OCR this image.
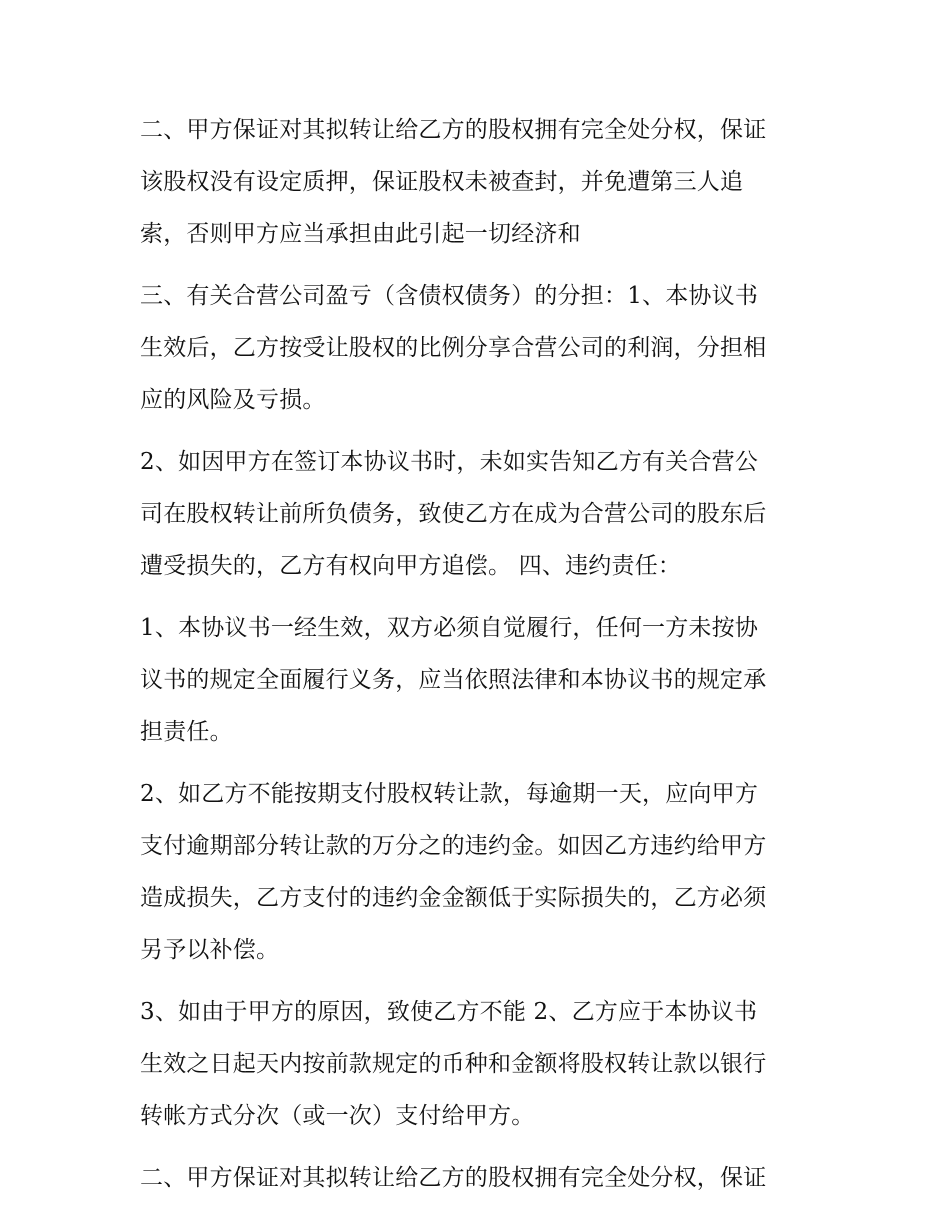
二、甲方保证对其拟转让给乙方的股权拥有完全处分权，保证
该股权没有设定质押，保证股权未被查封，并免遭第三人追
索，否则甲方应当承担由此引起一切经济和
三、有关合营公司盈亏（含债权债务）的分担：1、本协议书
生效后，乙方按受让股权的比例分享合营公司的利润，分担相
应的风险及亏损。
2、如因甲方在签订本协议书时，未如实告知乙方有关合营公
司在股权转让前所负债务，致使乙方在成为合营公司的股东后
遭受损失的，乙方有权向甲方追偿。 四、违约责任：
1、本协议书一经生效，双方必须自觉履行，任何一方未按协
议书的规定全面履行义务，应当依照法律和本协议书的规定承
担责任。
2、如乙方不能按期支付股权转让款，每逾期一天，应向甲方
支付逾期部分转让款的万分之的违约金。如因乙方违约给甲方
造成损失，乙方支付的违约金金额低于实际损失的，乙方必须
另予以补偿。
3、如由于甲方的原因，致使乙方不能 2、乙方应于本协议书
生效之日起天内按前款规定的币种和金额将股权转让款以银行
转帐方式分次（或一次）支付给甲方。
二、甲方保证对其拟转让给乙方的股权拥有完全处分权，保证
